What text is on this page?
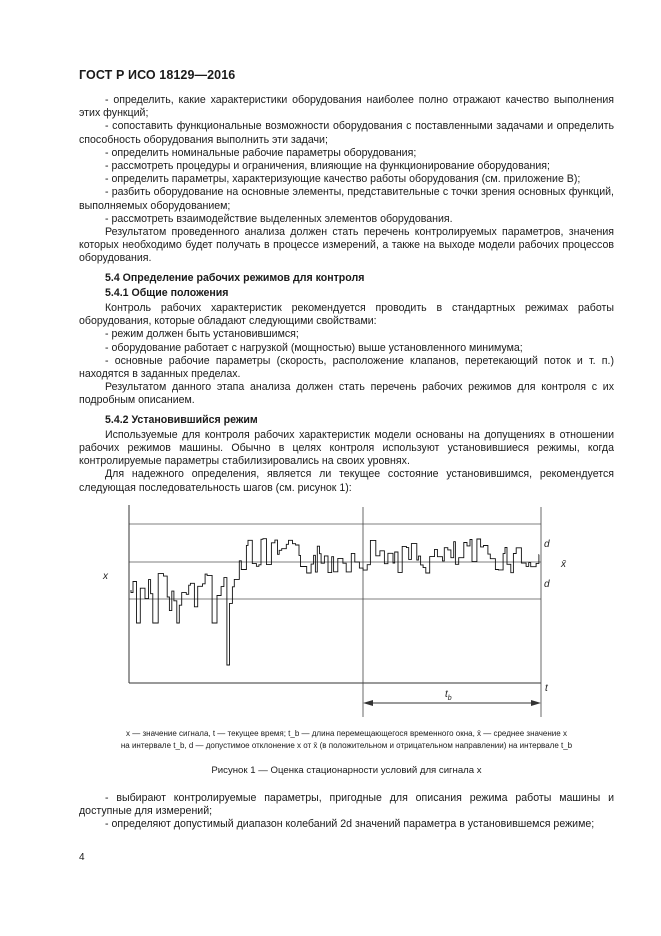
ГОСТ Р ИСО 18129—2016

- определить, какие характеристики оборудования наиболее полно отражают качество выполнения этих функций;

- сопоставить функциональные возможности оборудования с поставленными задачами и определить способность оборудования выполнить эти задачи;

- определить номинальные рабочие параметры оборудования;

- рассмотреть процедуры и ограничения, влияющие на функционирование оборудования;

- определить параметры, характеризующие качество работы оборудования (см. приложение В);

- разбить оборудование на основные элементы, представительные с точки зрения основных функций, выполняемых оборудованием;

- рассмотреть взаимодействие выделенных элементов оборудования.

Результатом проведенного анализа должен стать перечень контролируемых параметров, значения которых необходимо будет получать в процессе измерений, а также на выходе модели рабочих процессов оборудования.

5.4 Определение рабочих режимов для контроля

5.4.1 Общие положения

Контроль рабочих характеристик рекомендуется проводить в стандартных режимах работы оборудования, которые обладают следующими свойствами:

- режим должен быть установившимся;

- оборудование работает с нагрузкой (мощностью) выше установленного минимума;

- основные рабочие параметры (скорость, расположение клапанов, перетекающий поток и т. п.) находятся в заданных пределах.

Результатом данного этапа анализа должен стать перечень рабочих режимов для контроля с их подробным описанием.

5.4.2 Установившийся режим

Используемые для контроля рабочих характеристик модели основаны на допущениях в отношении рабочих режимов машины. Обычно в целях контроля используют установившиеся режимы, когда контролируемые параметры стабилизировались на своих уровнях.

Для надежного определения, является ли текущее состояние установившимся, рекомендуется следующая последовательность шагов (см. рисунок 1):

x
d
x̄
d
t
$t_b$
x — значение сигнала, t — текущее время; t_b — длина перемещающегося временного окна, x̄ — среднее значение x
на интервале t_b, d — допустимое отклонение x от x̄ (в положительном и отрицательном направлении) на интервале t_b
Рисунок 1 — Оценка стационарности условий для сигнала x

- выбирают контролируемые параметры, пригодные для описания режима работы машины и доступные для измерений;

- определяют допустимый диапазон колебаний 2d значений параметра в установившемся режиме;

4
